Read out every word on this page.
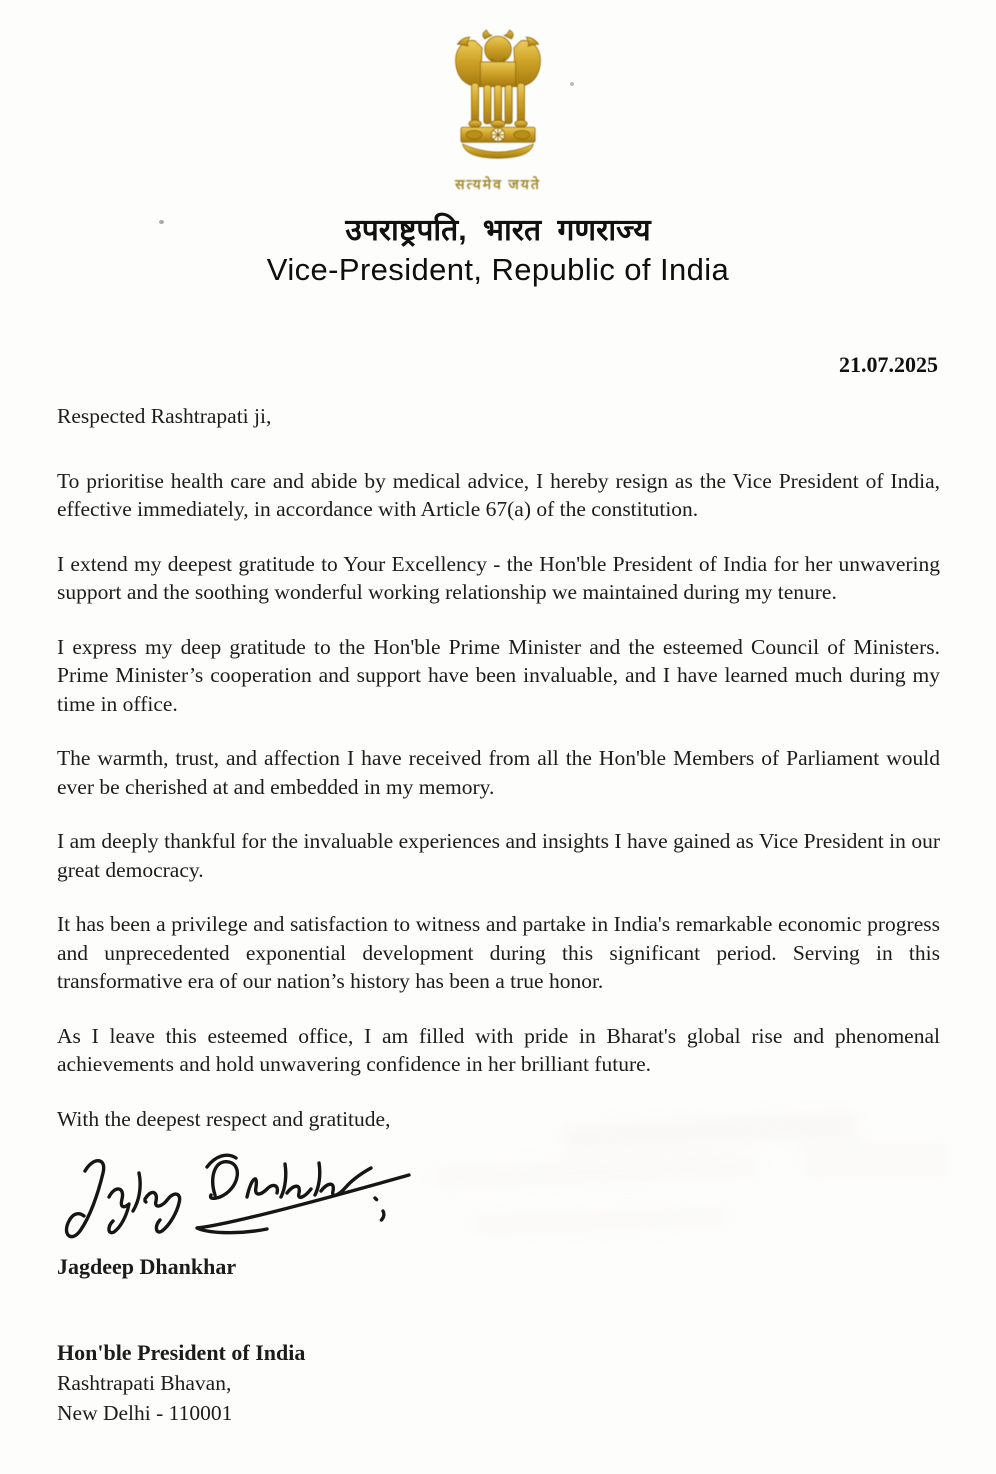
सत्यमेव जयते
उपराष्ट्रपति, भारत गणराज्य
Vice-President, Republic of India
21.07.2025

Respected Rashtrapati ji,

To prioritise health care and abide by medical advice, I hereby resign as the Vice President of India, effective immediately, in accordance with Article 67(a) of the constitution.

I extend my deepest gratitude to Your Excellency - the Hon'ble President of India for her unwavering support and the soothing wonderful working relationship we maintained during my tenure.

I express my deep gratitude to the Hon'ble Prime Minister and the esteemed Council of Ministers. Prime Minister’s cooperation and support have been invaluable, and I have learned much during my time in office.

The warmth, trust, and affection I have received from all the Hon'ble Members of Parliament would ever be cherished at and embedded in my memory.

I am deeply thankful for the invaluable experiences and insights I have gained as Vice President in our great democracy.

It has been a privilege and satisfaction to witness and partake in India's remarkable economic progress and unprecedented exponential development during this significant period. Serving in this transformative era of our nation’s history has been a true honor.

As I leave this esteemed office, I am filled with pride in Bharat's global rise and phenomenal achievements and hold unwavering confidence in her brilliant future.

With the deepest respect and gratitude,

Jagdeep Dhankhar

Hon'ble President of India
Rashtrapati Bhavan,
New Delhi - 110001
